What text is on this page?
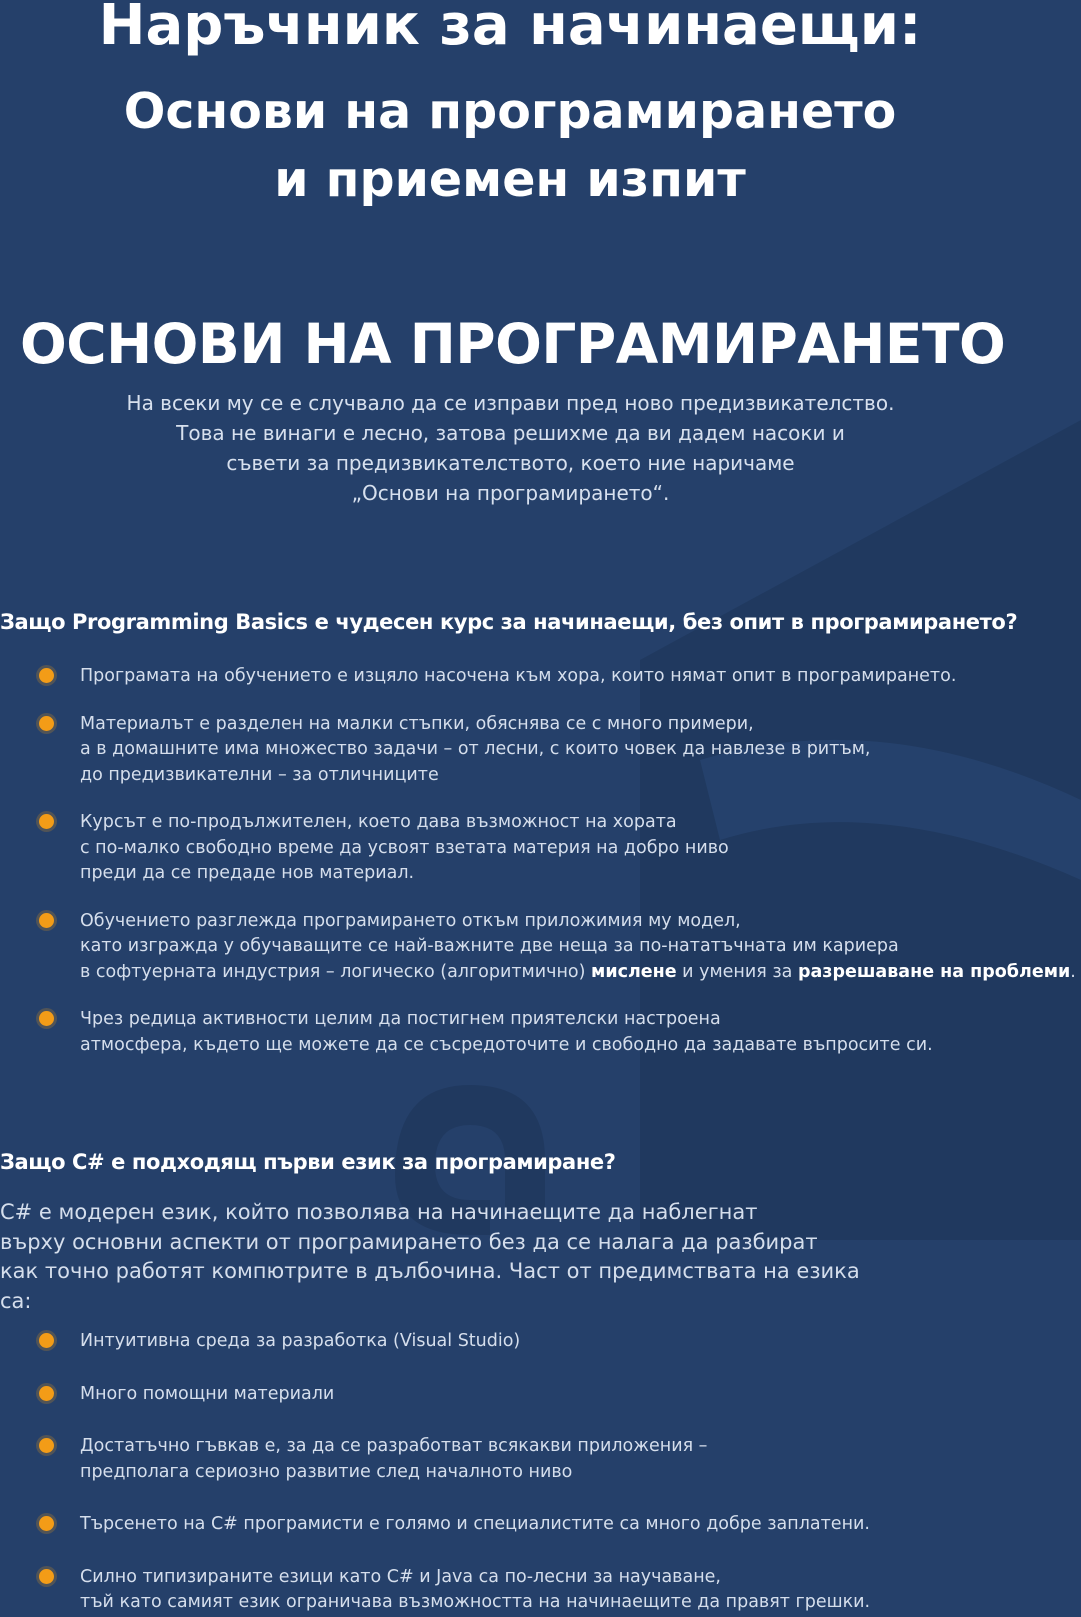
Наръчник за начинаещи:
Основи на програмирането
и приемен изпит
ОСНОВИ НА ПРОГРАМИРАНЕТО

На всеки му се е случвало да се изправи пред ново предизвикателство.
Това не винаги е лесно, затова решихме да ви дадем насоки и
съвети за предизвикателството, което ние наричаме
„Основи на програмирането“.

Защо Programming Basics е чудесен курс за начинаещи, без опит в програмирането?
Програмата на обучението е изцяло насочена към хора, които нямат опит в програмирането.
Материалът е разделен на малки стъпки, обяснява се с много примери,
а в домашните има множество задачи – от лесни, с които човек да навлезе в ритъм,
до предизвикателни – за отличниците
Курсът е по-продължителен, което дава възможност на хората
с по-малко свободно време да усвоят взетата материя на добро ниво
преди да се предаде нов материал.
Обучението разглежда програмирането откъм приложимия му модел,
като изгражда у обучаващите се най-важните две неща за по-нататъчната им кариера
в софтуерната индустрия – логическо (алгоритмично) мислене и умения за разрешаване на проблеми.
Чрез редица активности целим да постигнем приятелски настроена
атмосфера, където ще можете да се съсредоточите и свободно да задавате въпросите си.
Защо C# е подходящ първи език за програмиране?

C# е модерен език, който позволява на начинаещите да наблегнат
върху основни аспекти от програмирането без да се налага да разбират
как точно работят компютрите в дълбочина. Част от предимствата на езика
са:

Интуитивна среда за разработка (Visual Studio)
Много помощни материали
Достатъчно гъвкав е, за да се разработват всякакви приложения –
предполага сериозно развитие след началното ниво
Търсенето на C# програмисти е голямо и специалистите са много добре заплатени.
Силно типизираните езици като C# и Java са по-лесни за научаване,
тъй като самият език ограничава възможността на начинаещите да правят грешки.
